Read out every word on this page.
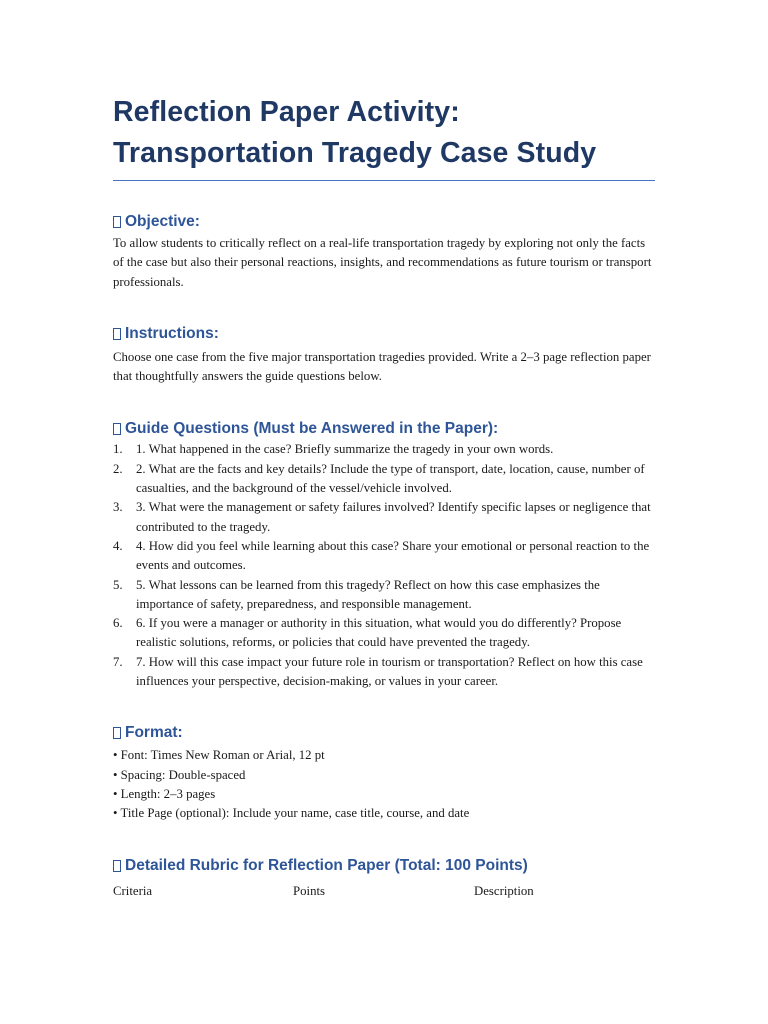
Reflection Paper Activity:
Transportation Tragedy Case Study
Objective:

To allow students to critically reflect on a real-life transportation tragedy by exploring not only the facts of the case but also their personal reactions, insights, and recommendations as future tourism or transport professionals.

Instructions:

Choose one case from the five major transportation tragedies provided. Write a 2–3 page reflection paper that thoughtfully answers the guide questions below.

Guide Questions (Must be Answered in the Paper):
1.	1. What happened in the case? Briefly summarize the tragedy in your own words.
2.	2. What are the facts and key details? Include the type of transport, date, location, cause, number of casualties, and the background of the vessel/vehicle involved.
3.	3. What were the management or safety failures involved? Identify specific lapses or negligence that contributed to the tragedy.
4.	4. How did you feel while learning about this case? Share your emotional or personal reaction to the events and outcomes.
5.	5. What lessons can be learned from this tragedy? Reflect on how this case emphasizes the importance of safety, preparedness, and responsible management.
6.	6. If you were a manager or authority in this situation, what would you do differently? Propose realistic solutions, reforms, or policies that could have prevented the tragedy.
7.	7. How will this case impact your future role in tourism or transportation? Reflect on how this case influences your perspective, decision-making, or values in your career.
Format:
• Font: Times New Roman or Arial, 12 pt
• Spacing: Double-spaced
• Length: 2–3 pages
• Title Page (optional): Include your name, case title, course, and date
Detailed Rubric for Reflection Paper (Total: 100 Points)
Criteria	Points	Description
